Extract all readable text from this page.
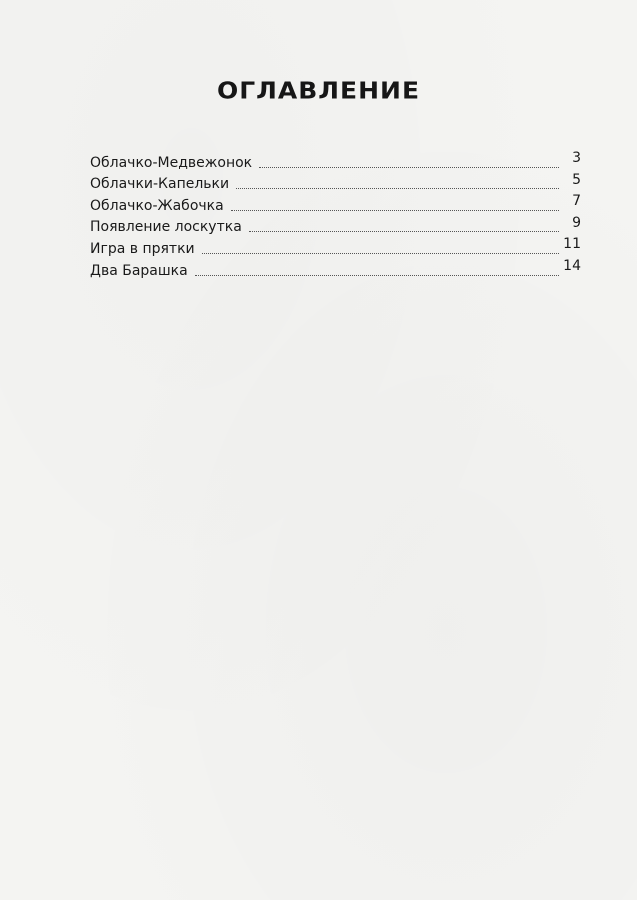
ОГЛАВЛЕНИЕ
Облачко-Медвежонок	3
Облачки-Капельки	5
Облачко-Жабочка	7
Появление лоскутка	9
Игра в прятки	11
Два Барашка	14
